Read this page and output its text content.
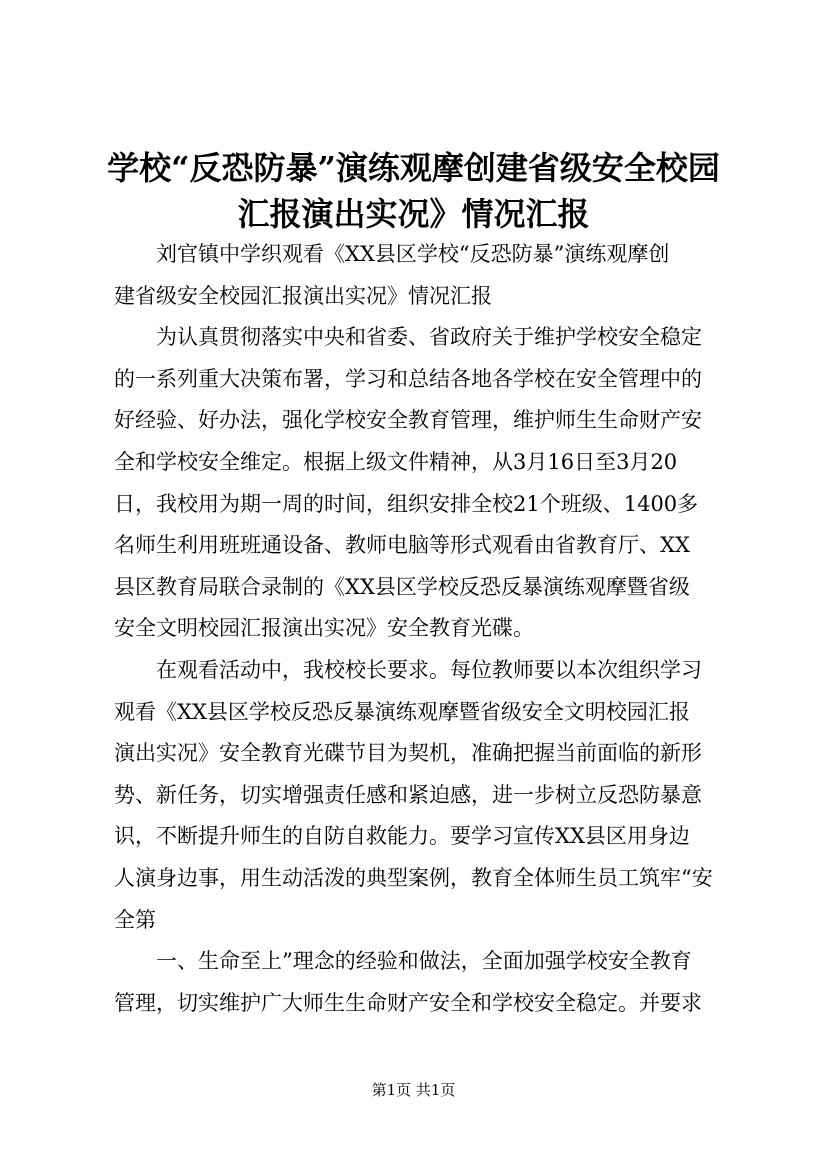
学校“反恐防暴”演练观摩创建省级安全校园
汇报演出实况》情况汇报
刘官镇中学织观看《XX县区学校“反恐防暴”演练观摩创
建省级安全校园汇报演出实况》情况汇报
为认真贯彻落实中央和省委、省政府关于维护学校安全稳定
的一系列重大决策布署，学习和总结各地各学校在安全管理中的
好经验、好办法，强化学校安全教育管理，维护师生生命财产安
全和学校安全维定。根据上级文件精神，从3月16日至3月20
日，我校用为期一周的时间，组织安排全校21个班级、1400多
名师生利用班班通设备、教师电脑等形式观看由省教育厅、XX
县区教育局联合录制的《XX县区学校反恐反暴演练观摩暨省级
安全文明校园汇报演出实况》安全教育光碟。
在观看活动中，我校校长要求。每位教师要以本次组织学习
观看《XX县区学校反恐反暴演练观摩暨省级安全文明校园汇报
演出实况》安全教育光碟节目为契机，准确把握当前面临的新形
势、新任务，切实增强责任感和紧迫感，进一步树立反恐防暴意
识，不断提升师生的自防自救能力。要学习宣传XX县区用身边
人演身边事，用生动活泼的典型案例，教育全体师生员工筑牢“安
全第
一、生命至上”理念的经验和做法，全面加强学校安全教育
管理，切实维护广大师生生命财产安全和学校安全稳定。并要求
第1页 共1页
